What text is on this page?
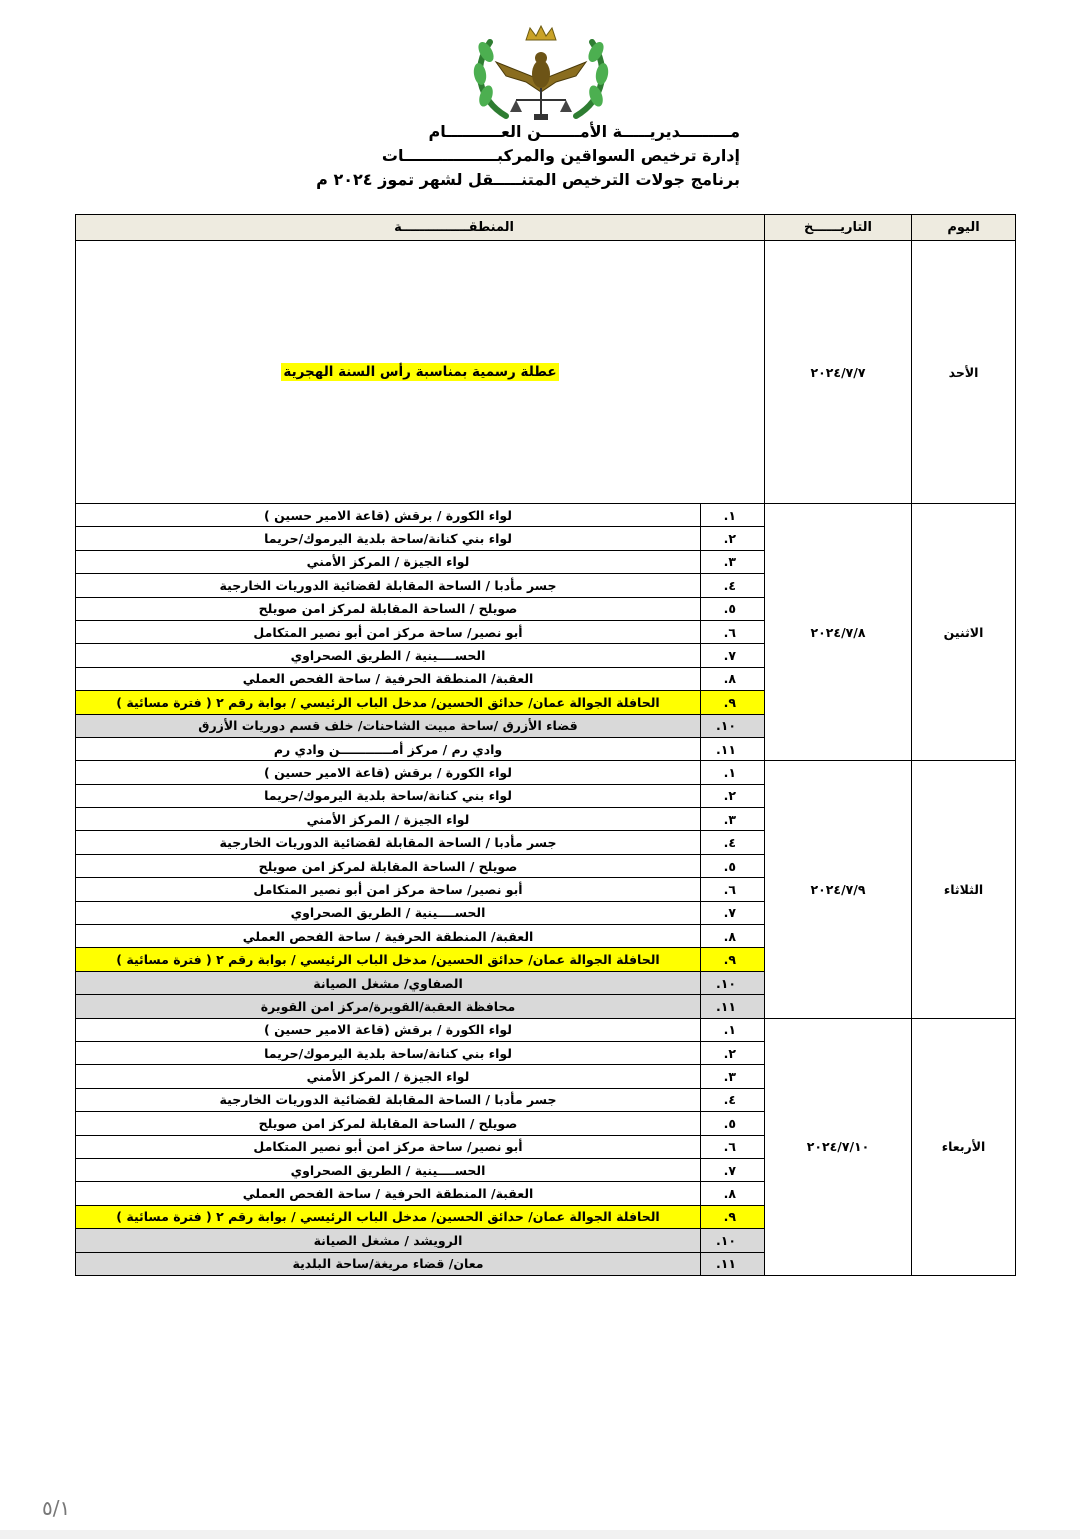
مـــــــــديريـــــة الأمـــــــن العــــــــــام
إدارة ترخيص السواقين والمركبـــــــــــــــــات
برنامج جولات الترخيص المتنـــــقل لشهر تموز ٢٠٢٤ م
اليوم	التاريــــــخ	المنطقـــــــــــــــة	
الأحد	٢٠٢٤/٧/٧	عطلة رسمية بمناسبة رأس السنة الهجرية	
الاثنين	٢٠٢٤/٧/٨	١.	لواء الكورة / برقش (قاعة الامير حسين )
		٢.	لواء بني كنانة/ساحة بلدية اليرموك/حريما
		٣.	لواء الجيزة / المركز الأمني
		٤.	جسر مأدبا / الساحة المقابلة لقضائية الدوريات الخارجية
		٥.	صويلح / الساحة المقابلة لمركز امن صويلح
		٦.	أبو نصير/ ساحة مركز امن أبو نصير المتكامل
		٧.	الحســــينية / الطريق الصحراوي
		٨.	العقبة/ المنطقة الحرفية / ساحة الفحص العملي
		٩.	الحافلة الجوالة عمان/ حدائق الحسين/ مدخل الباب الرئيسي / بوابة رقم ٢ ( فترة مسائية )
		١٠.	قضاء الأزرق /ساحة مبيت الشاحنات/ خلف قسم دوريات الأزرق
		١١.	وادي رم / مركز أمــــــــــــن وادي رم
الثلاثاء	٢٠٢٤/٧/٩	١.	لواء الكورة / برقش (قاعة الامير حسين )
		٢.	لواء بني كنانة/ساحة بلدية اليرموك/حريما
		٣.	لواء الجيزة / المركز الأمني
		٤.	جسر مأدبا / الساحة المقابلة لقضائية الدوريات الخارجية
		٥.	صويلح / الساحة المقابلة لمركز امن صويلح
		٦.	أبو نصير/ ساحة مركز امن أبو نصير المتكامل
		٧.	الحســــينية / الطريق الصحراوي
		٨.	العقبة/ المنطقة الحرفية / ساحة الفحص العملي
		٩.	الحافلة الجوالة عمان/ حدائق الحسين/ مدخل الباب الرئيسي / بوابة رقم ٢ ( فترة مسائية )
		١٠.	الصفاوي/ مشغل الصيانة
		١١.	محافظة العقبة/القويرة/مركز امن القويرة
الأربعاء	٢٠٢٤/٧/١٠	١.	لواء الكورة / برقش (قاعة الامير حسين )
		٢.	لواء بني كنانة/ساحة بلدية اليرموك/حريما
		٣.	لواء الجيزة / المركز الأمني
		٤.	جسر مأدبا / الساحة المقابلة لقضائية الدوريات الخارجية
		٥.	صويلح / الساحة المقابلة لمركز امن صويلح
		٦.	أبو نصير/ ساحة مركز امن أبو نصير المتكامل
		٧.	الحســــينية / الطريق الصحراوي
		٨.	العقبة/ المنطقة الحرفية / ساحة الفحص العملي
		٩.	الحافلة الجوالة عمان/ حدائق الحسين/ مدخل الباب الرئيسي / بوابة رقم ٢ ( فترة مسائية )
		١٠.	الرويشد / مشغل الصيانة
		١١.	معان/ قضاء مريغة/ساحة البلدية
٥/١
